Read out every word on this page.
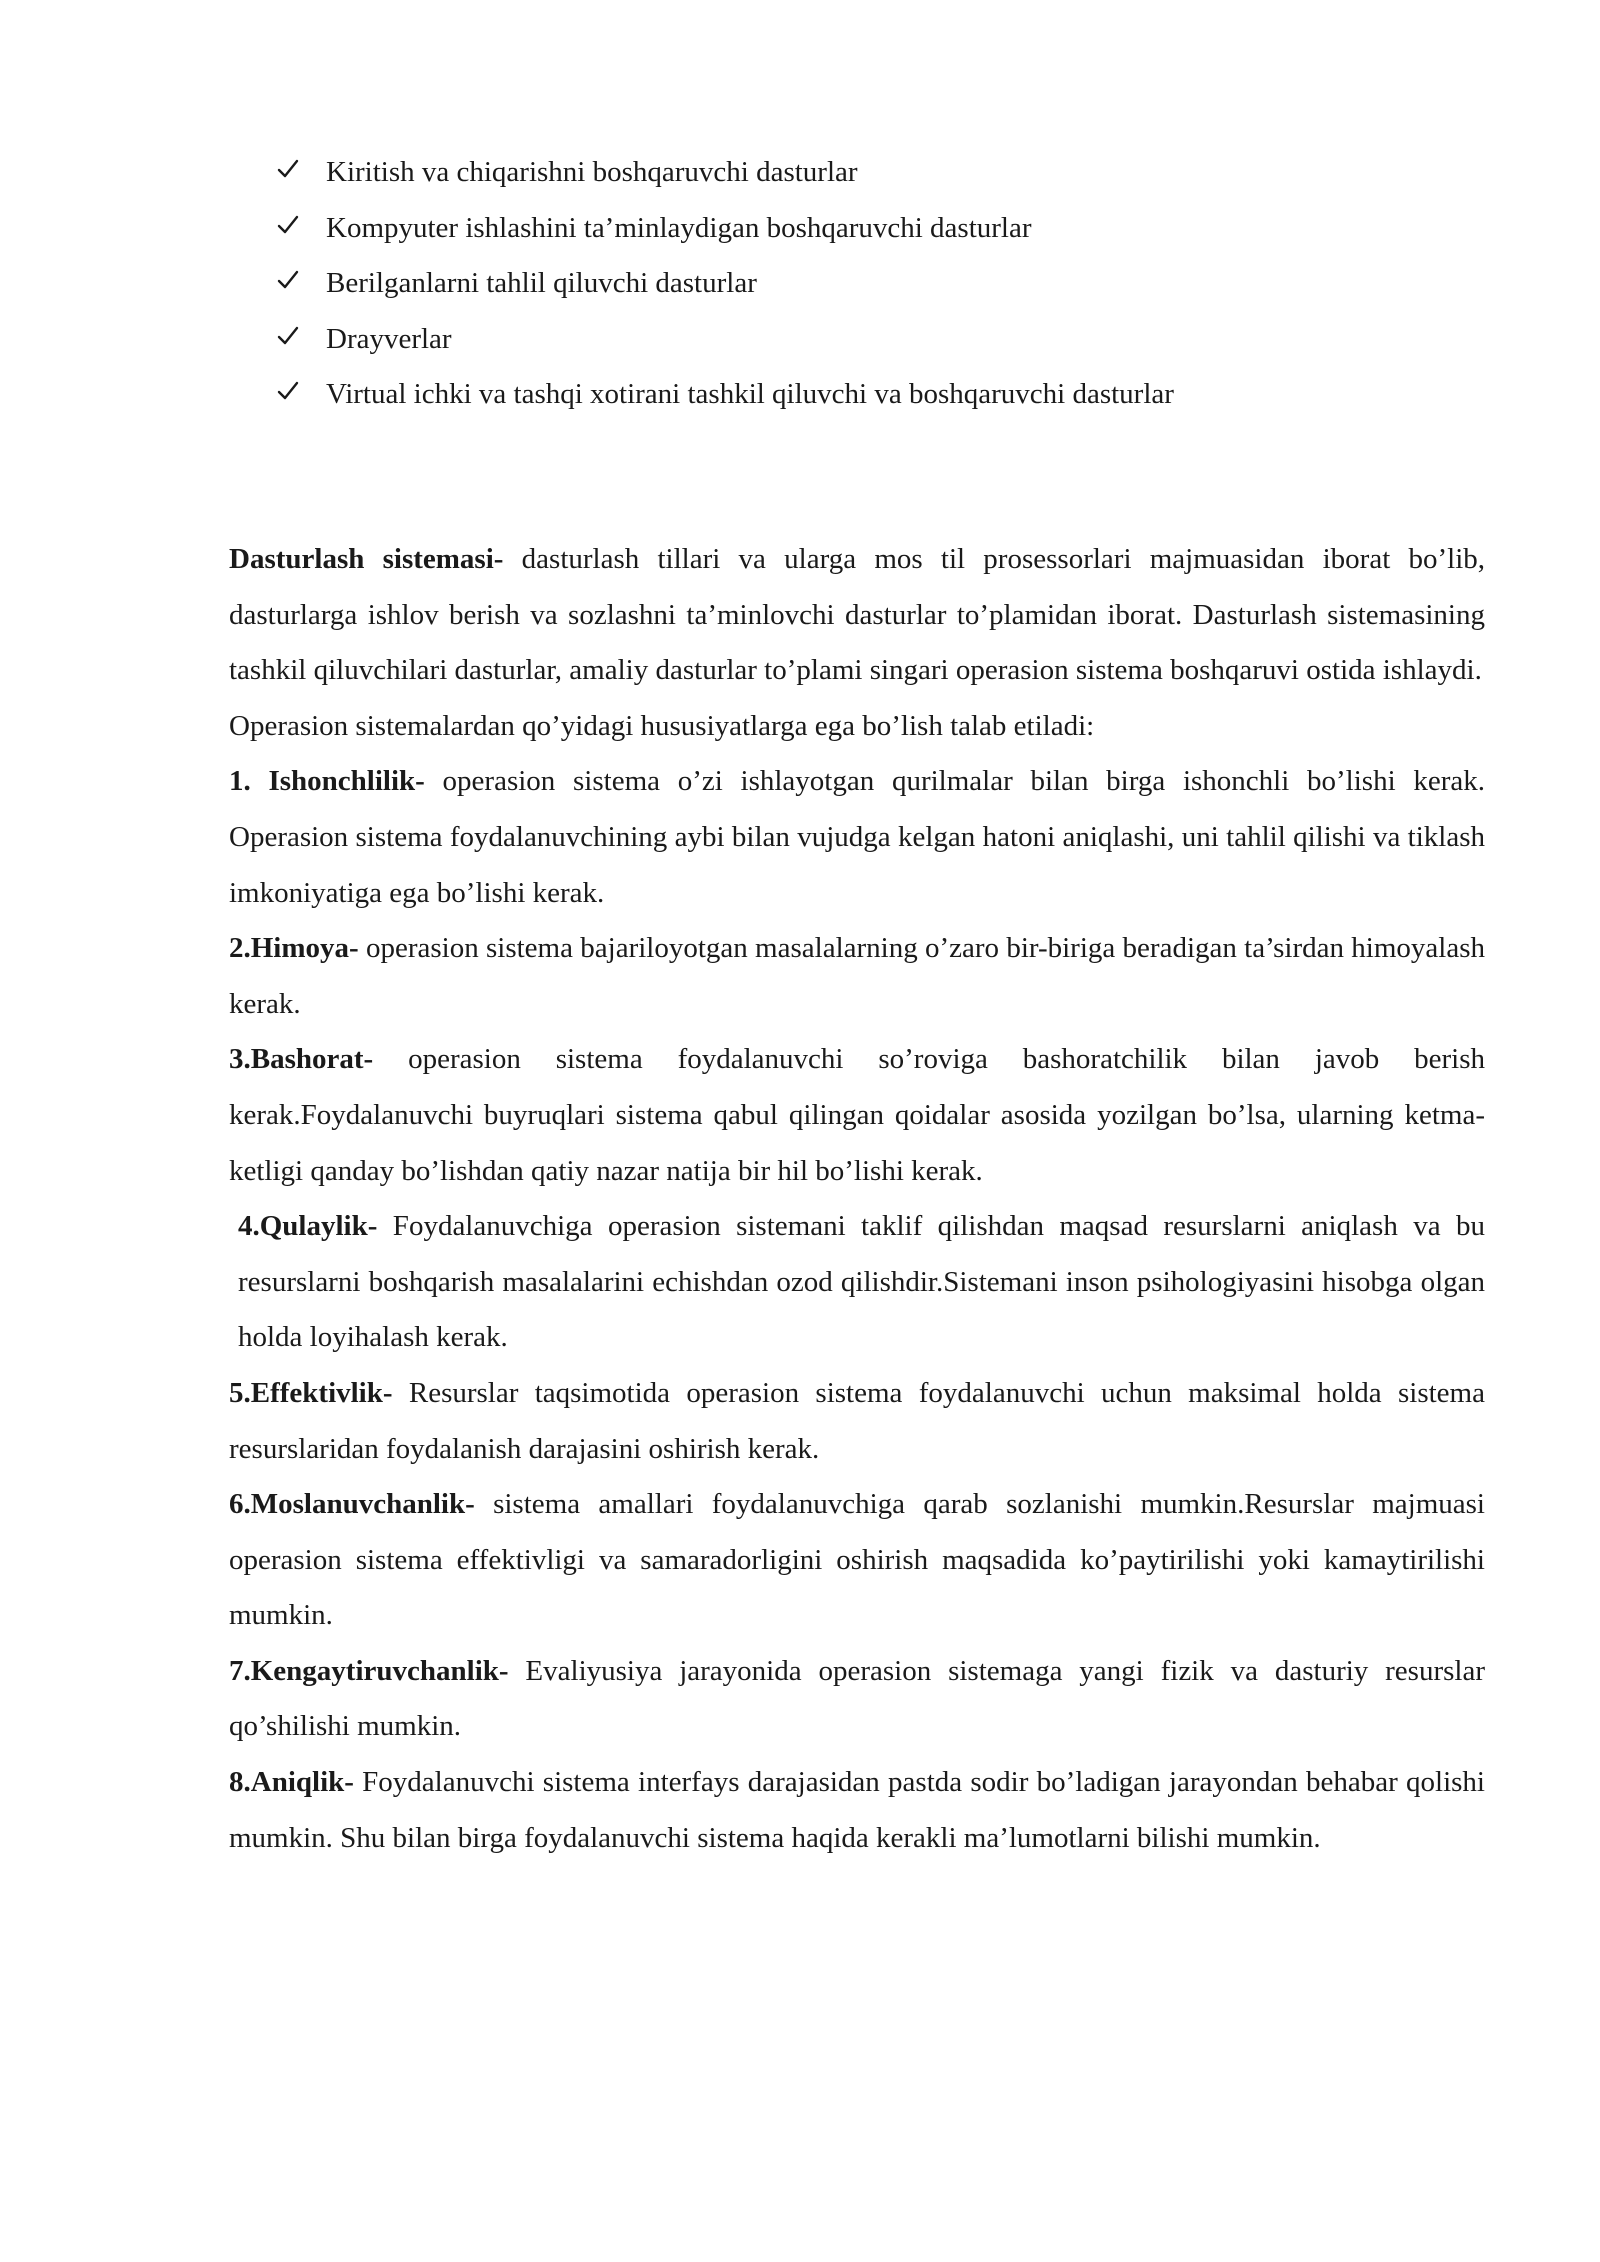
Kiritish va chiqarishni boshqaruvchi dasturlar
Kompyuter ishlashini ta’minlaydigan boshqaruvchi dasturlar
Berilganlarni tahlil qiluvchi dasturlar
Drayverlar
Virtual ichki va tashqi xotirani tashkil qiluvchi va boshqaruvchi dasturlar

Dasturlash sistemasi- dasturlash tillari va ularga mos til prosessorlari majmuasidan iborat bo’lib, dasturlarga ishlov berish va sozlashni ta’minlovchi dasturlar to’plamidan iborat. Dasturlash sistemasining tashkil qiluvchilari dasturlar, amaliy dasturlar to’plami singari operasion sistema boshqaruvi ostida ishlaydi.

Operasion sistemalardan qo’yidagi hususiyatlarga ega bo’lish talab etiladi:

1. Ishonchlilik- operasion sistema o’zi ishlayotgan qurilmalar bilan birga ishonchli bo’lishi kerak. Operasion sistema foydalanuvchining aybi bilan vujudga kelgan hatoni aniqlashi, uni tahlil qilishi va tiklash imkoniyatiga ega bo’lishi kerak.

2.Himoya- operasion sistema bajariloyotgan masalalarning o’zaro bir-biriga beradigan ta’sirdan himoyalash kerak.

3.Bashorat- operasion sistema foydalanuvchi so’roviga bashoratchilik bilan javob berish kerak.Foydalanuvchi buyruqlari sistema qabul qilingan qoidalar asosida yozilgan bo’lsa, ularning ketma- ketligi qanday bo’lishdan qatiy nazar natija bir hil bo’lishi kerak.

4.Qulaylik- Foydalanuvchiga operasion sistemani taklif qilishdan maqsad resurslarni aniqlash va bu resurslarni boshqarish masalalarini echishdan ozod qilishdir.Sistemani inson psihologiyasini hisobga olgan holda loyihalash kerak.

5.Effektivlik- Resurslar taqsimotida operasion sistema foydalanuvchi uchun maksimal holda sistema resurslaridan foydalanish darajasini oshirish kerak.

6.Moslanuvchanlik- sistema amallari foydalanuvchiga qarab sozlanishi mumkin.Resurslar majmuasi operasion sistema effektivligi va samaradorligini oshirish maqsadida ko’paytirilishi yoki kamaytirilishi mumkin.

7.Kengaytiruvchanlik- Evaliyusiya jarayonida operasion sistemaga yangi fizik va dasturiy resurslar qo’shilishi mumkin.

8.Aniqlik- Foydalanuvchi sistema interfays darajasidan pastda sodir bo’ladigan jarayondan behabar qolishi mumkin. Shu bilan birga foydalanuvchi sistema haqida kerakli ma’lumotlarni bilishi mumkin.
